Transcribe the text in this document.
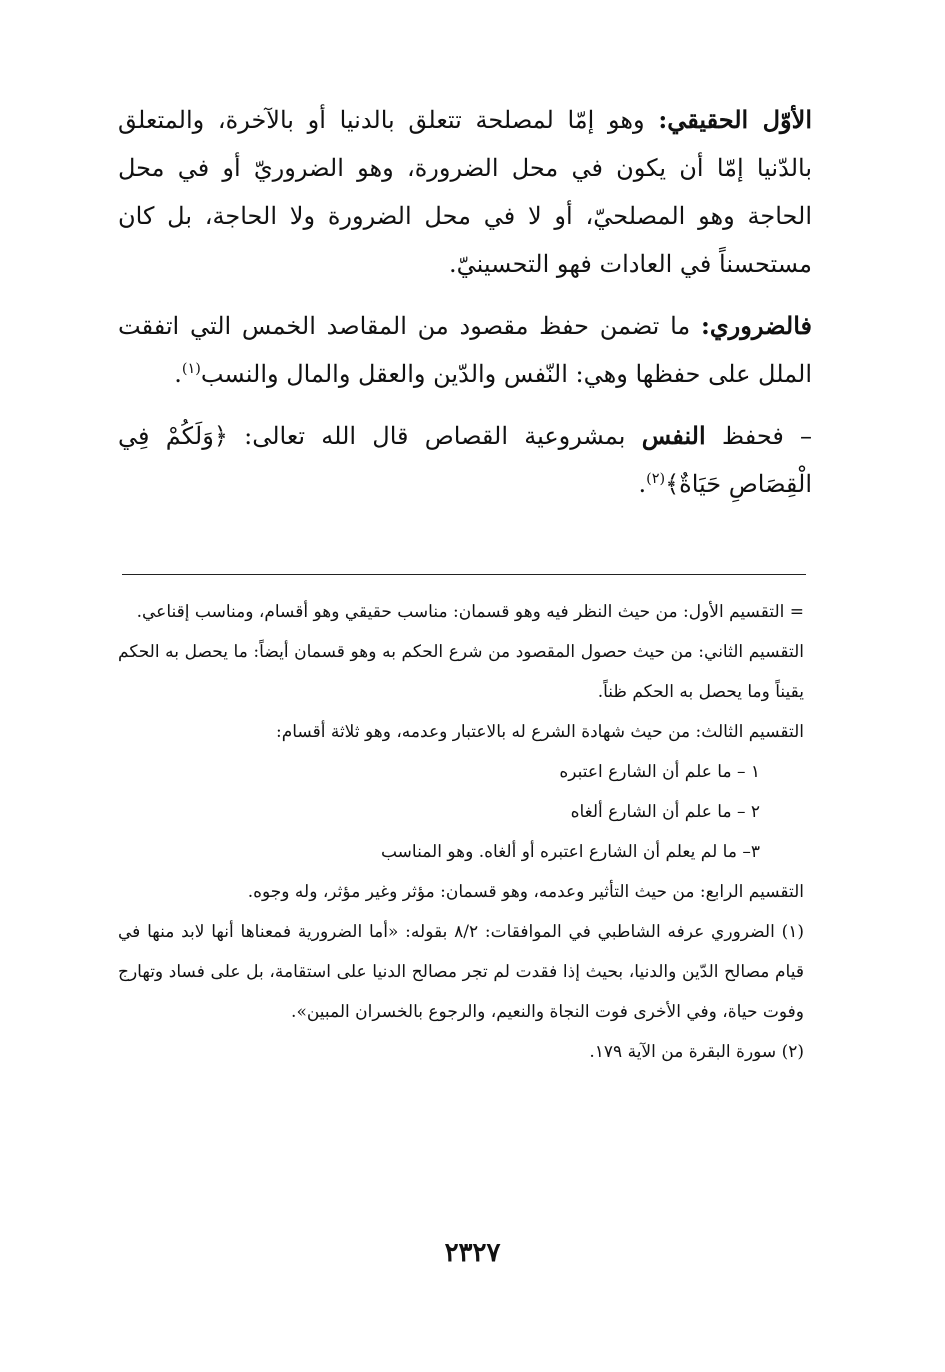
الأوّل الحقيقي: وهو إمّا لمصلحة تتعلق بالدنيا أو بالآخرة، والمتعلق بالدّنيا إمّا أن يكون في محل الضرورة، وهو الضروريّ أو في محل الحاجة وهو المصلحيّ، أو لا في محل الضرورة ولا الحاجة، بل كان مستحسناً في العادات فهو التحسينيّ.

فالضروري: ما تضمن حفظ مقصود من المقاصد الخمس التي اتفقت الملل على حفظها وهي: النّفس والدّين والعقل والمال والنسب$^{(١)}$.

– فحفظ النفس بمشروعية القصاص قال الله تعالى: ﴿وَلَكُمْ فِي الْقِصَاصِ حَيَاةٌ﴾$^{(٢)}$.

= التقسيم الأول: من حيث النظر فيه وهو قسمان: مناسب حقيقي وهو أقسام، ومناسب إقناعي.

التقسيم الثاني: من حيث حصول المقصود من شرع الحكم به وهو قسمان أيضاً: ما يحصل به الحكم يقيناً وما يحصل به الحكم ظناً.

التقسيم الثالث: من حيث شهادة الشرع له بالاعتبار وعدمه، وهو ثلاثة أقسام:

١ – ما علم أن الشارع اعتبره

٢ – ما علم أن الشارع ألغاه

٣– ما لم يعلم أن الشارع اعتبره أو ألغاه. وهو المناسب

التقسيم الرابع: من حيث التأثير وعدمه، وهو قسمان: مؤثر وغير مؤثر، وله وجوه.

(١) الضروري عرفه الشاطبي في الموافقات: ٨/٢ بقوله: «أما الضرورية فمعناها أنها لابد منها في قيام مصالح الدّين والدنيا، بحيث إذا فقدت لم تجر مصالح الدنيا على استقامة، بل على فساد وتهارج وفوت حياة، وفي الأخرى فوت النجاة والنعيم، والرجوع بالخسران المبين».

(٢) سورة البقرة من الآية ١٧٩.

٢٣٢٧
